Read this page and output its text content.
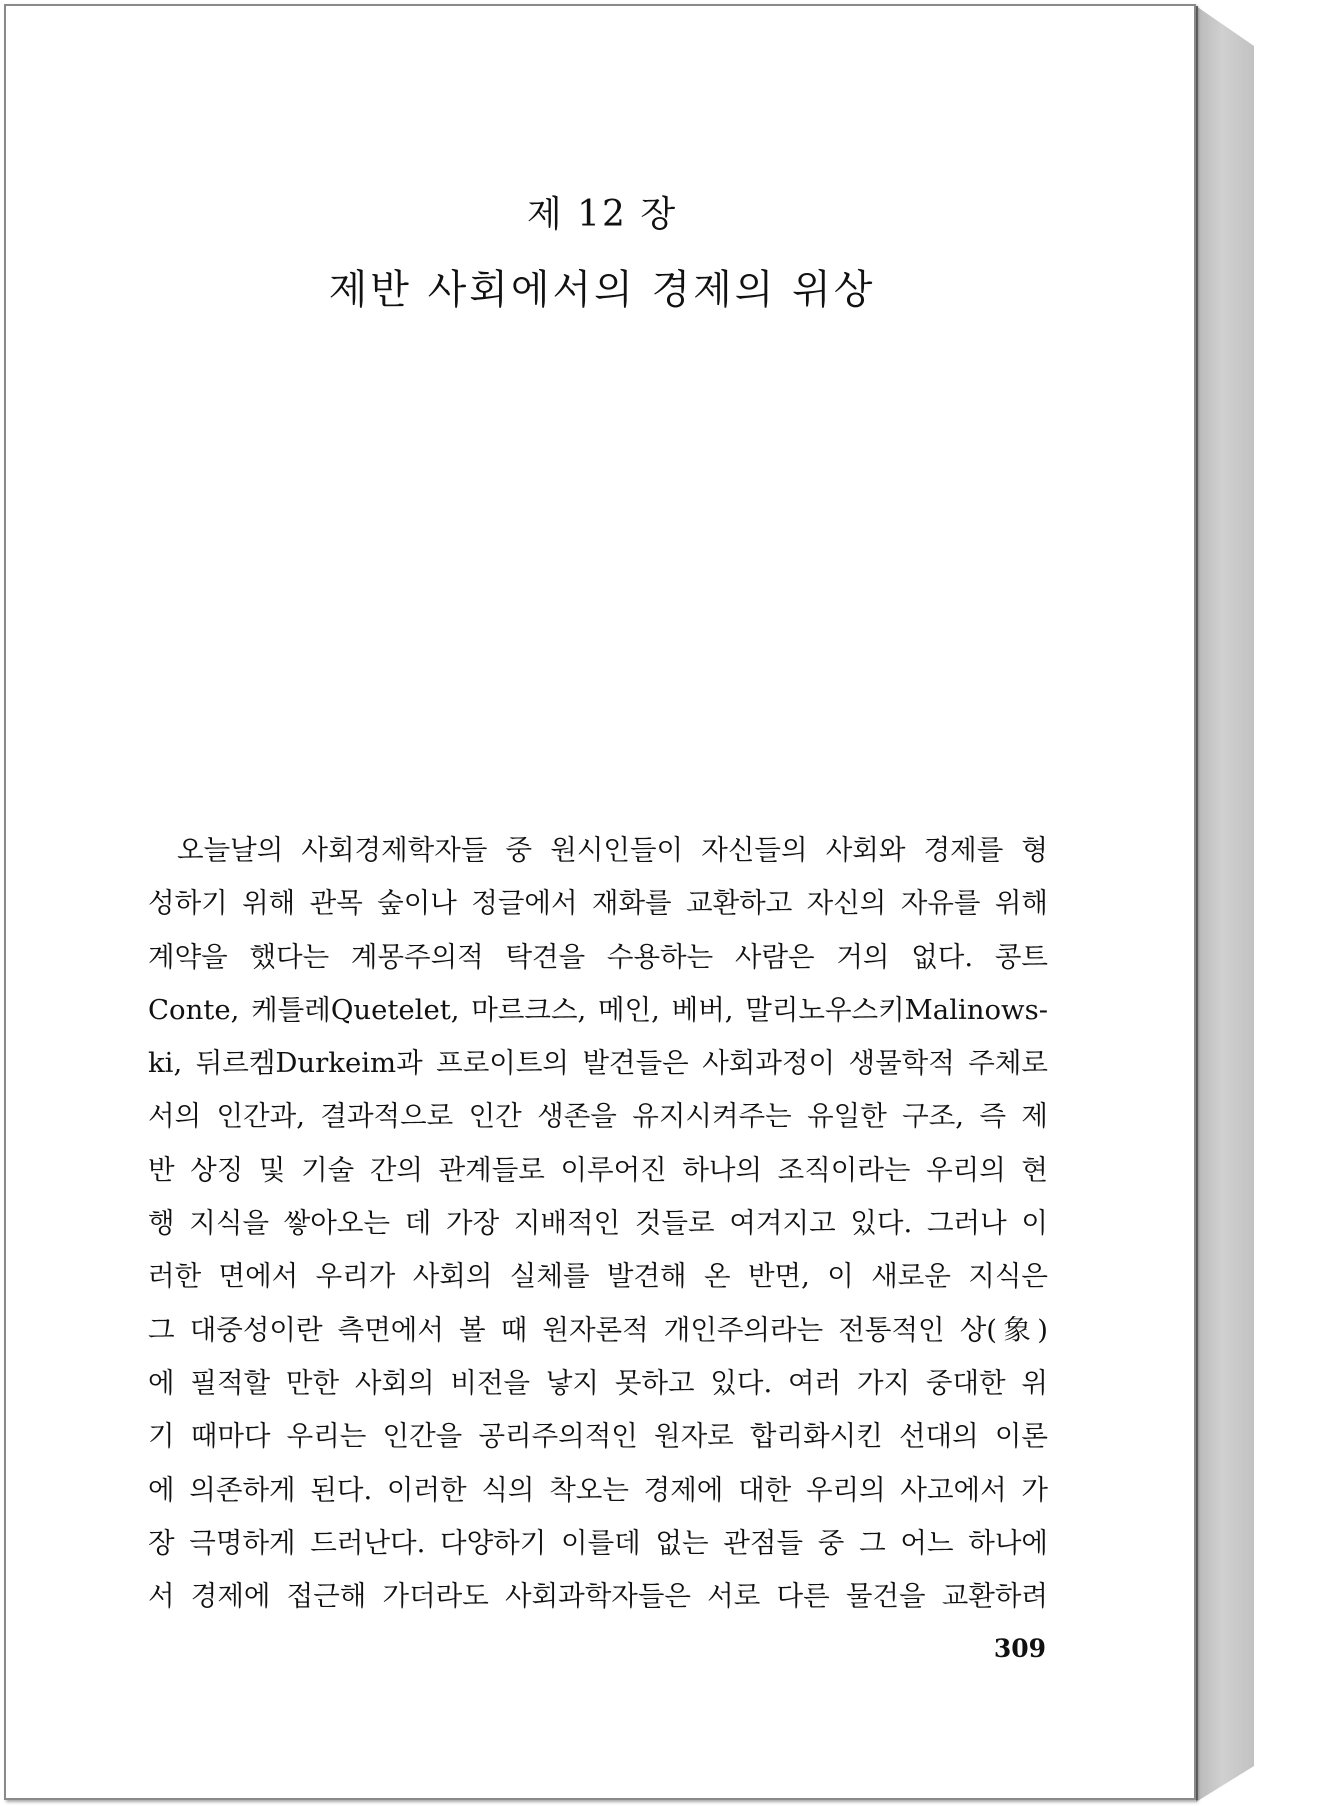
제 12 장
제반 사회에서의 경제의 위상
오늘날의 사회경제학자들 중 원시인들이 자신들의 사회와 경제를 형
성하기 위해 관목 숲이나 정글에서 재화를 교환하고 자신의 자유를 위해
계약을 했다는 계몽주의적 탁견을 수용하는 사람은 거의 없다. 콩트
Conte, 케틀레Quetelet, 마르크스, 메인, 베버, 말리노우스키Malinows-
ki, 뒤르켐Durkeim과 프로이트의 발견들은 사회과정이 생물학적 주체로
서의 인간과, 결과적으로 인간 생존을 유지시켜주는 유일한 구조, 즉 제
반 상징 및 기술 간의 관계들로 이루어진 하나의 조직이라는 우리의 현
행 지식을 쌓아오는 데 가장 지배적인 것들로 여겨지고 있다. 그러나 이
러한 면에서 우리가 사회의 실체를 발견해 온 반면, 이 새로운 지식은
그 대중성이란 측면에서 볼 때 원자론적 개인주의라는 전통적인 상(象)
에 필적할 만한 사회의 비전을 낳지 못하고 있다. 여러 가지 중대한 위
기 때마다 우리는 인간을 공리주의적인 원자로 합리화시킨 선대의 이론
에 의존하게 된다. 이러한 식의 착오는 경제에 대한 우리의 사고에서 가
장 극명하게 드러난다. 다양하기 이를데 없는 관점들 중 그 어느 하나에
서 경제에 접근해 가더라도 사회과학자들은 서로 다른 물건을 교환하려
309
